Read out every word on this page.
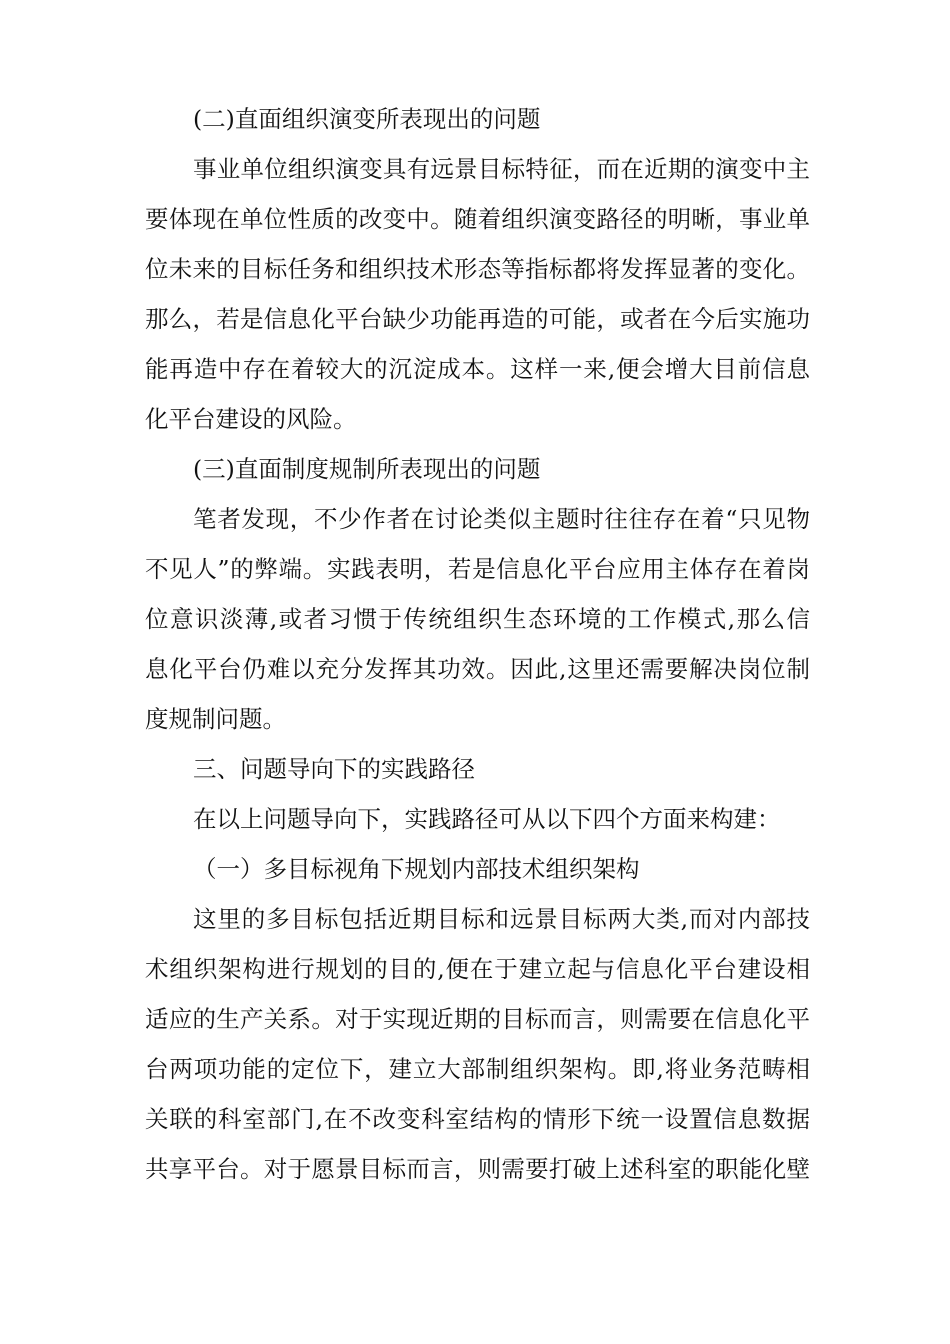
(二)直面组织演变所表现出的问题
事业单位组织演变具有远景目标特征，而在近期的演变中主
要体现在单位性质的改变中。随着组织演变路径的明晰，事业单
位未来的目标任务和组织技术形态等指标都将发挥显著的变化。
那么，若是信息化平台缺少功能再造的可能，或者在今后实施功
能再造中存在着较大的沉淀成本。这样一来,便会增大目前信息
化平台建设的风险。
(三)直面制度规制所表现出的问题
笔者发现，不少作者在讨论类似主题时往往存在着“只见物
不见人”的弊端。实践表明，若是信息化平台应用主体存在着岗
位意识淡薄,或者习惯于传统组织生态环境的工作模式,那么信
息化平台仍难以充分发挥其功效。因此,这里还需要解决岗位制
度规制问题。
三、问题导向下的实践路径
在以上问题导向下，实践路径可从以下四个方面来构建：
（一）多目标视角下规划内部技术组织架构
这里的多目标包括近期目标和远景目标两大类,而对内部技
术组织架构进行规划的目的,便在于建立起与信息化平台建设相
适应的生产关系。对于实现近期的目标而言，则需要在信息化平
台两项功能的定位下，建立大部制组织架构。即,将业务范畴相
关联的科室部门,在不改变科室结构的情形下统一设置信息数据
共享平台。对于愿景目标而言，则需要打破上述科室的职能化壁
